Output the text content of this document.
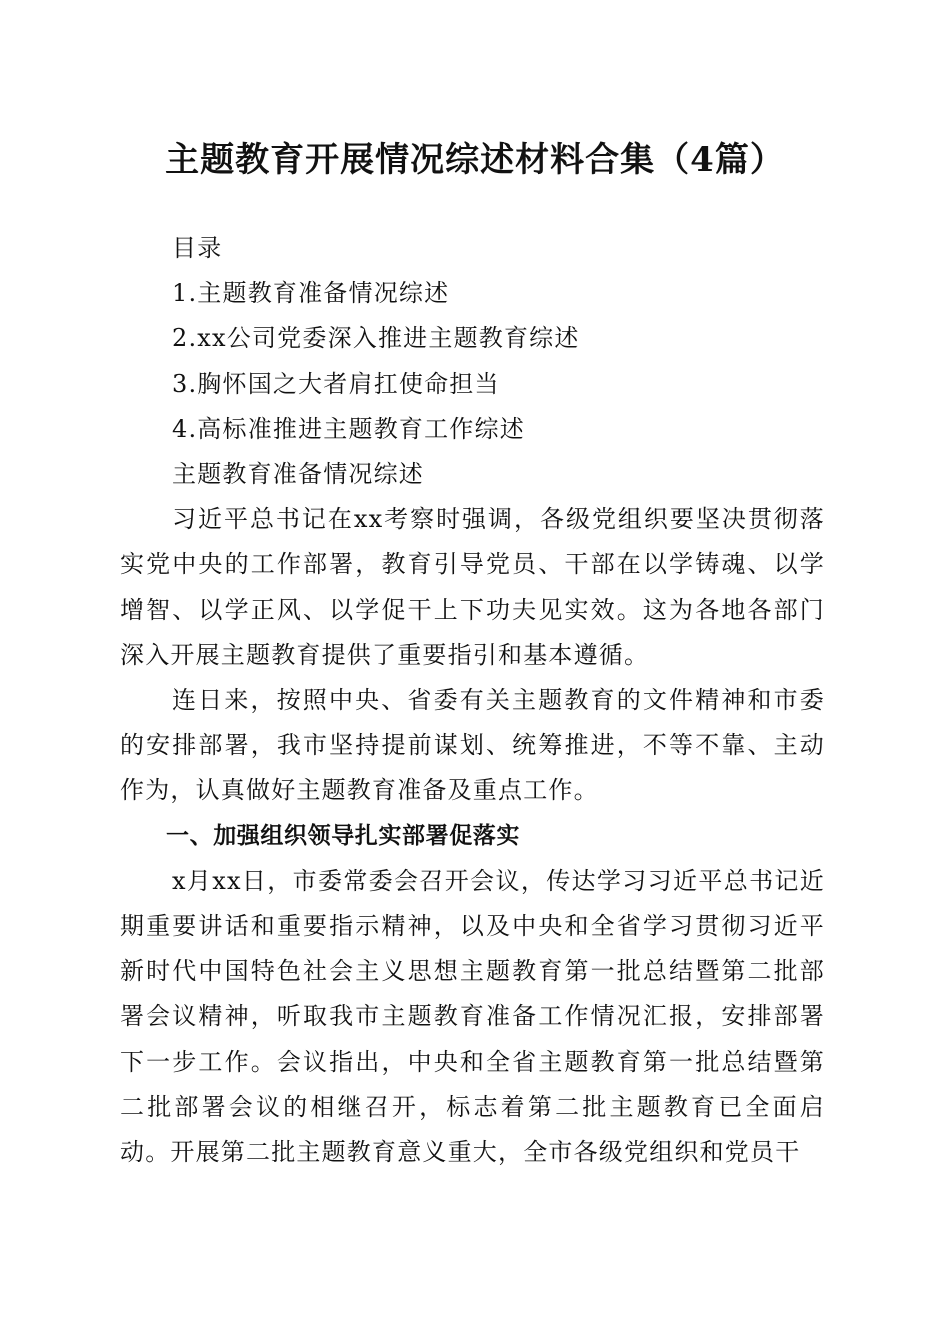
主题教育开展情况综述材料合集（4篇）

目录

1.主题教育准备情况综述

2.xx公司党委深入推进主题教育综述

3.胸怀国之大者肩扛使命担当

4.高标准推进主题教育工作综述

主题教育准备情况综述

习近平总书记在xx考察时强调，各级党组织要坚决贯彻落实党中央的工作部署，教育引导党员、干部在以学铸魂、以学增智、以学正风、以学促干上下功夫见实效。这为各地各部门深入开展主题教育提供了重要指引和基本遵循。

连日来，按照中央、省委有关主题教育的文件精神和市委的安排部署，我市坚持提前谋划、统筹推进，不等不靠、主动作为，认真做好主题教育准备及重点工作。

一、加强组织领导扎实部署促落实

x月xx日，市委常委会召开会议，传达学习习近平总书记近期重要讲话和重要指示精神，以及中央和全省学习贯彻习近平新时代中国特色社会主义思想主题教育第一批总结暨第二批部署会议精神，听取我市主题教育准备工作情况汇报，安排部署下一步工作。会议指出，中央和全省主题教育第一批总结暨第二批部署会议的相继召开，标志着第二批主题教育已全面启动。开展第二批主题教育意义重大，全市各级党组织和党员干
